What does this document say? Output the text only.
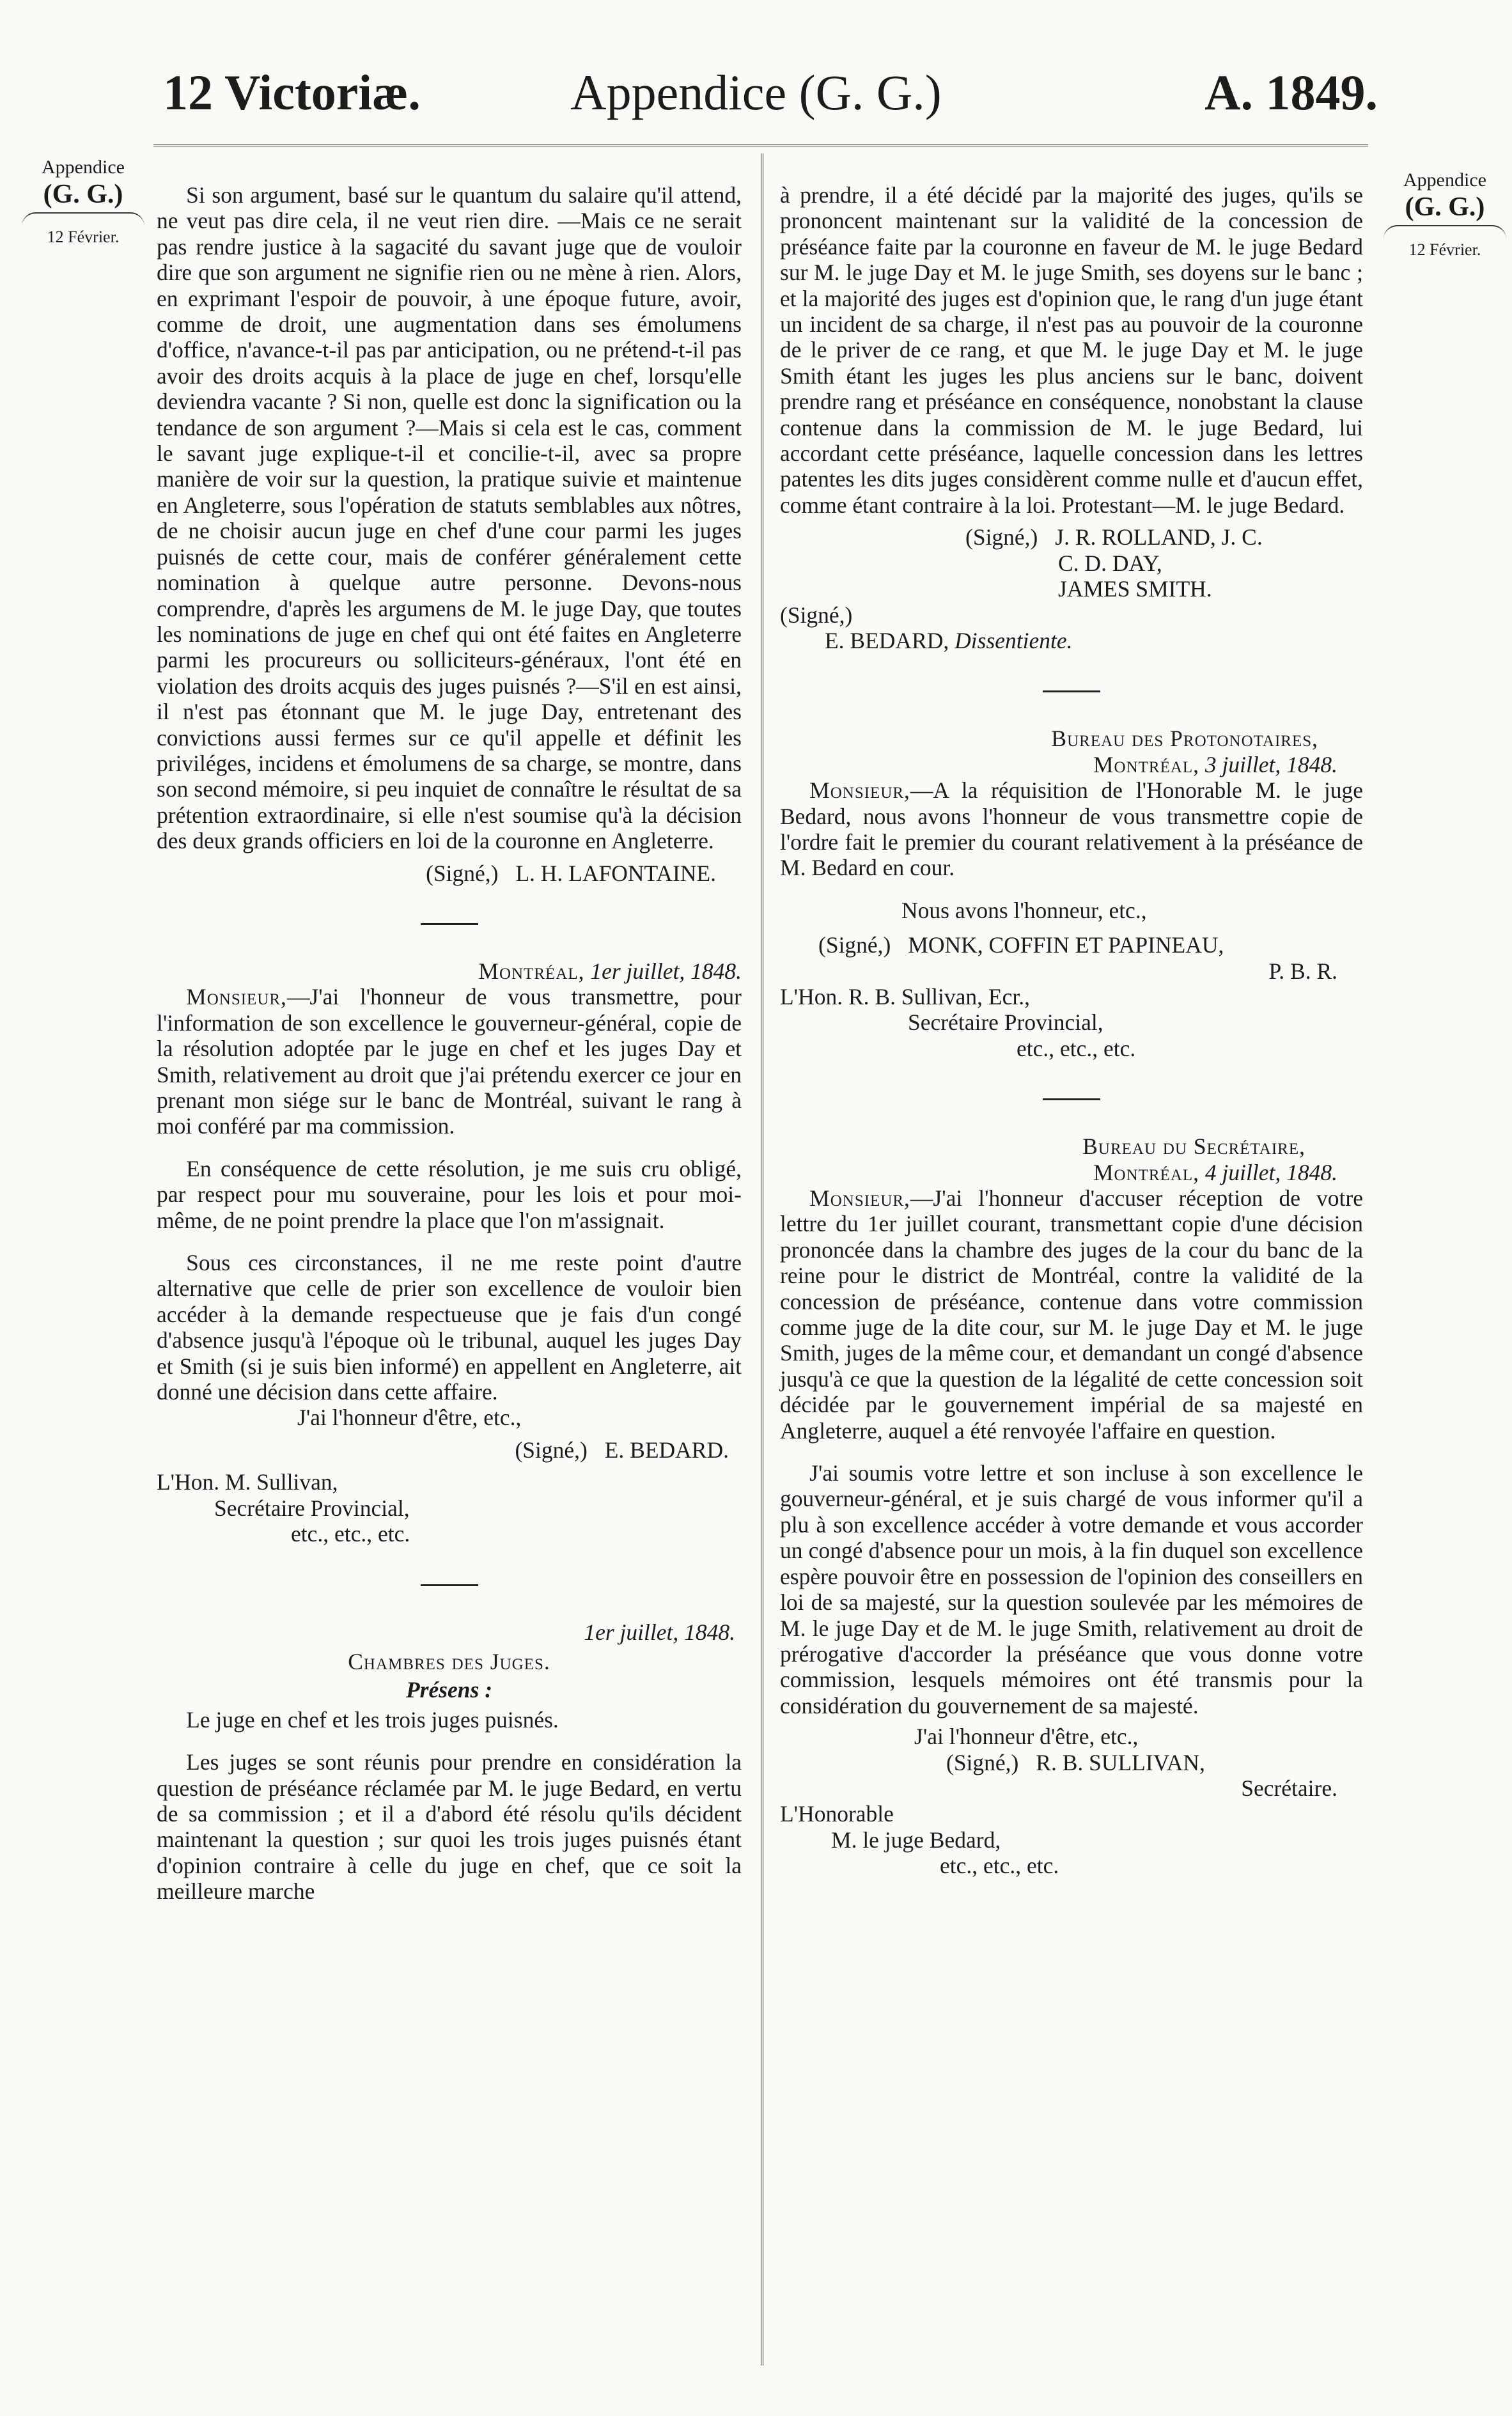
Appendice (G. G.)
12 Victoriæ.	A. 1849.
Appendice
(G. G.)
12 Février.
Appendice
(G. G.)
12 Février.

Si son argument, basé sur le quantum du salaire qu'il attend, ne veut pas dire cela, il ne veut rien dire. —Mais ce ne serait pas rendre justice à la sagacité du savant juge que de vouloir dire que son argument ne signifie rien ou ne mène à rien. Alors, en exprimant l'espoir de pouvoir, à une époque future, avoir, comme de droit, une augmentation dans ses émolumens d'office, n'avance-t-il pas par anticipation, ou ne prétend-t-il pas avoir des droits acquis à la place de juge en chef, lorsqu'elle deviendra vacante ? Si non, quelle est donc la signification ou la tendance de son argument ?—Mais si cela est le cas, comment le savant juge explique-t-il et concilie-t-il, avec sa propre manière de voir sur la question, la pratique suivie et maintenue en Angleterre, sous l'opération de statuts semblables aux nôtres, de ne choisir aucun juge en chef d'une cour parmi les juges puisnés de cette cour, mais de conférer généralement cette nomination à quelque autre personne. Devons-nous comprendre, d'après les argumens de M. le juge Day, que toutes les nominations de juge en chef qui ont été faites en Angleterre parmi les procureurs ou solliciteurs-généraux, l'ont été en violation des droits acquis des juges puisnés ?—S'il en est ainsi, il n'est pas étonnant que M. le juge Day, entretenant des convictions aussi fermes sur ce qu'il appelle et définit les priviléges, incidens et émolumens de sa charge, se montre, dans son second mémoire, si peu inquiet de connaître le résultat de sa prétention extraordinaire, si elle n'est soumise qu'à la décision des deux grands officiers en loi de la couronne en Angleterre.

(Signé,) L. H. LAFONTAINE.
Montréal, 1er juillet, 1848.

Monsieur,—J'ai l'honneur de vous transmettre, pour l'information de son excellence le gouverneur-général, copie de la résolution adoptée par le juge en chef et les juges Day et Smith, relativement au droit que j'ai prétendu exercer ce jour en prenant mon siége sur le banc de Montréal, suivant le rang à moi conféré par ma commission.

En conséquence de cette résolution, je me suis cru obligé, par respect pour mu souveraine, pour les lois et pour moi-même, de ne point prendre la place que l'on m'assignait.

Sous ces circonstances, il ne me reste point d'autre alternative que celle de prier son excellence de vouloir bien accéder à la demande respectueuse que je fais d'un congé d'absence jusqu'à l'époque où le tribunal, auquel les juges Day et Smith (si je suis bien informé) en appellent en Angleterre, ait donné une décision dans cette affaire.

J'ai l'honneur d'être, etc.,
(Signé,) E. BEDARD.
L'Hon. M. Sullivan,
Secrétaire Provincial,
etc., etc., etc.
1er juillet, 1848.
Chambres des Juges.
Présens :

Le juge en chef et les trois juges puisnés.

Les juges se sont réunis pour prendre en considération la question de préséance réclamée par M. le juge Bedard, en vertu de sa commission ; et il a d'abord été résolu qu'ils décident maintenant la question ; sur quoi les trois juges puisnés étant d'opinion contraire à celle du juge en chef, que ce soit la meilleure marche

à prendre, il a été décidé par la majorité des juges, qu'ils se prononcent maintenant sur la validité de la concession de préséance faite par la couronne en faveur de M. le juge Bedard sur M. le juge Day et M. le juge Smith, ses doyens sur le banc ; et la majorité des juges est d'opinion que, le rang d'un juge étant un incident de sa charge, il n'est pas au pouvoir de la couronne de le priver de ce rang, et que M. le juge Day et M. le juge Smith étant les juges les plus anciens sur le banc, doivent prendre rang et préséance en conséquence, nonobstant la clause contenue dans la commission de M. le juge Bedard, lui accordant cette préséance, laquelle concession dans les lettres patentes les dits juges considèrent comme nulle et d'aucun effet, comme étant contraire à la loi. Protestant—M. le juge Bedard.

(Signé,) J. R. ROLLAND, J. C.
C. D. DAY,
JAMES SMITH.
(Signé,)
E. BEDARD, Dissentiente.
Bureau des Protonotaires,
Montréal, 3 juillet, 1848.

Monsieur,—A la réquisition de l'Honorable M. le juge Bedard, nous avons l'honneur de vous transmettre copie de l'ordre fait le premier du courant relativement à la préséance de M. Bedard en cour.

Nous avons l'honneur, etc.,
(Signé,) MONK, COFFIN ET PAPINEAU,
P. B. R.
L'Hon. R. B. Sullivan, Ecr.,
Secrétaire Provincial,
etc., etc., etc.
Bureau du Secrétaire,
Montréal, 4 juillet, 1848.

Monsieur,—J'ai l'honneur d'accuser réception de votre lettre du 1er juillet courant, transmettant copie d'une décision prononcée dans la chambre des juges de la cour du banc de la reine pour le district de Montréal, contre la validité de la concession de préséance, contenue dans votre commission comme juge de la dite cour, sur M. le juge Day et M. le juge Smith, juges de la même cour, et demandant un congé d'absence jusqu'à ce que la question de la légalité de cette concession soit décidée par le gouvernement impérial de sa majesté en Angleterre, auquel a été renvoyée l'affaire en question.

J'ai soumis votre lettre et son incluse à son excellence le gouverneur-général, et je suis chargé de vous informer qu'il a plu à son excellence accéder à votre demande et vous accorder un congé d'absence pour un mois, à la fin duquel son excellence espère pouvoir être en possession de l'opinion des conseillers en loi de sa majesté, sur la question soulevée par les mémoires de M. le juge Day et de M. le juge Smith, relativement au droit de prérogative d'accorder la préséance que vous donne votre commission, lesquels mémoires ont été transmis pour la considération du gouvernement de sa majesté.

J'ai l'honneur d'être, etc.,
(Signé,) R. B. SULLIVAN,
Secrétaire.
L'Honorable
M. le juge Bedard,
etc., etc., etc.
